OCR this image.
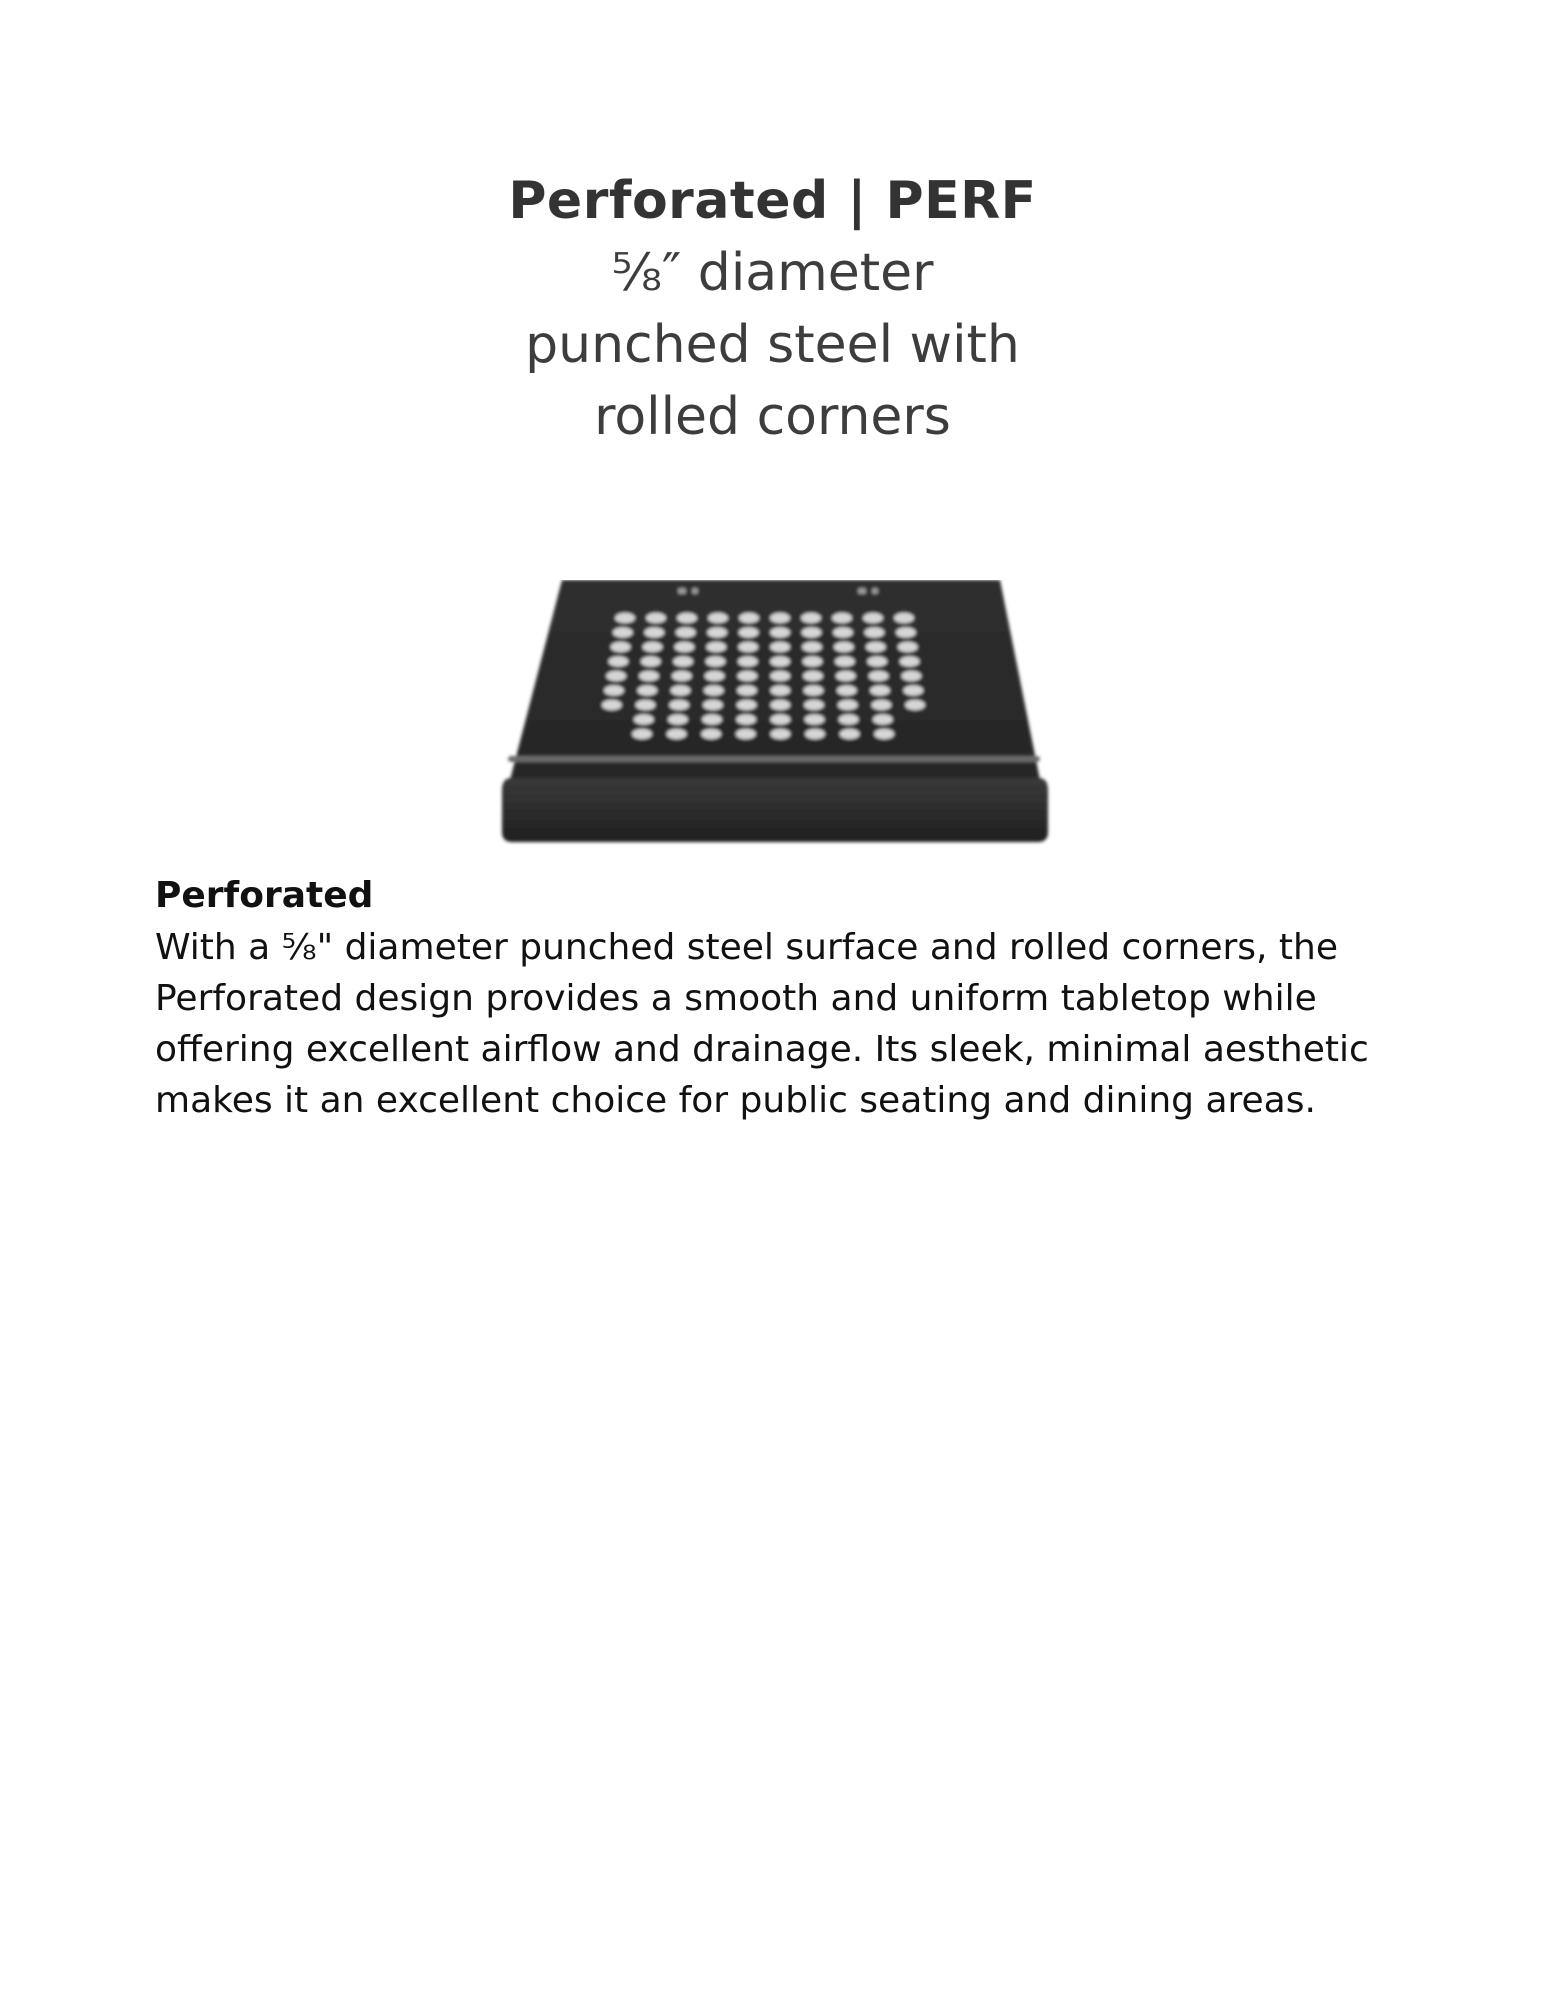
Perforated | PERF
⅝″ diameter
punched steel with
rolled corners

Perforated

With a ⅝" diameter punched steel surface and rolled corners, the Perforated design provides a smooth and uniform tabletop while offering excellent airflow and drainage. Its sleek, minimal aesthetic makes it an excellent choice for public seating and dining areas.
